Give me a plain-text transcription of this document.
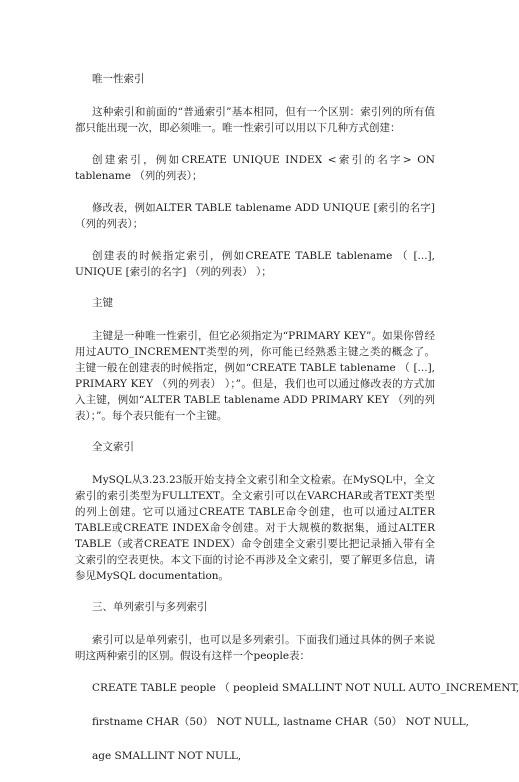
唯一性索引

这种索引和前面的“普通索引”基本相同，但有一个区别：索引列的所有值都只能出现一次，即必须唯一。唯一性索引可以用以下几种方式创建：

创建索引，例如CREATE UNIQUE INDEX <索引的名字> ON tablename （列的列表）；

修改表，例如ALTER TABLE tablename ADD UNIQUE [索引的名字] （列的列表）；

创建表的时候指定索引，例如CREATE TABLE tablename （ [...], UNIQUE [索引的名字] （列的列表） ）；

主键

主键是一种唯一性索引，但它必须指定为“PRIMARY KEY”。如果你曾经用过AUTO_INCREMENT类型的列，你可能已经熟悉主键之类的概念了。主键一般在创建表的时候指定，例如“CREATE TABLE tablename （ [...], PRIMARY KEY （列的列表） ）；”。但是，我们也可以通过修改表的方式加入主键，例如“ALTER TABLE tablename ADD PRIMARY KEY （列的列表）；”。每个表只能有一个主键。

全文索引

MySQL从3.23.23版开始支持全文索引和全文检索。在MySQL中，全文索引的索引类型为FULLTEXT。全文索引可以在VARCHAR或者TEXT类型的列上创建。它可以通过CREATE TABLE命令创建，也可以通过ALTER TABLE或CREATE INDEX命令创建。对于大规模的数据集，通过ALTER TABLE（或者CREATE INDEX）命令创建全文索引要比把记录插入带有全文索引的空表更快。本文下面的讨论不再涉及全文索引，要了解更多信息，请参见MySQL documentation。

三、单列索引与多列索引

索引可以是单列索引，也可以是多列索引。下面我们通过具体的例子来说明这两种索引的区别。假设有这样一个people表：

CREATE TABLE people （ peopleid SMALLINT NOT NULL AUTO_INCREMENT,
firstname CHAR（50） NOT NULL, lastname CHAR（50） NOT NULL,
age SMALLINT NOT NULL,
